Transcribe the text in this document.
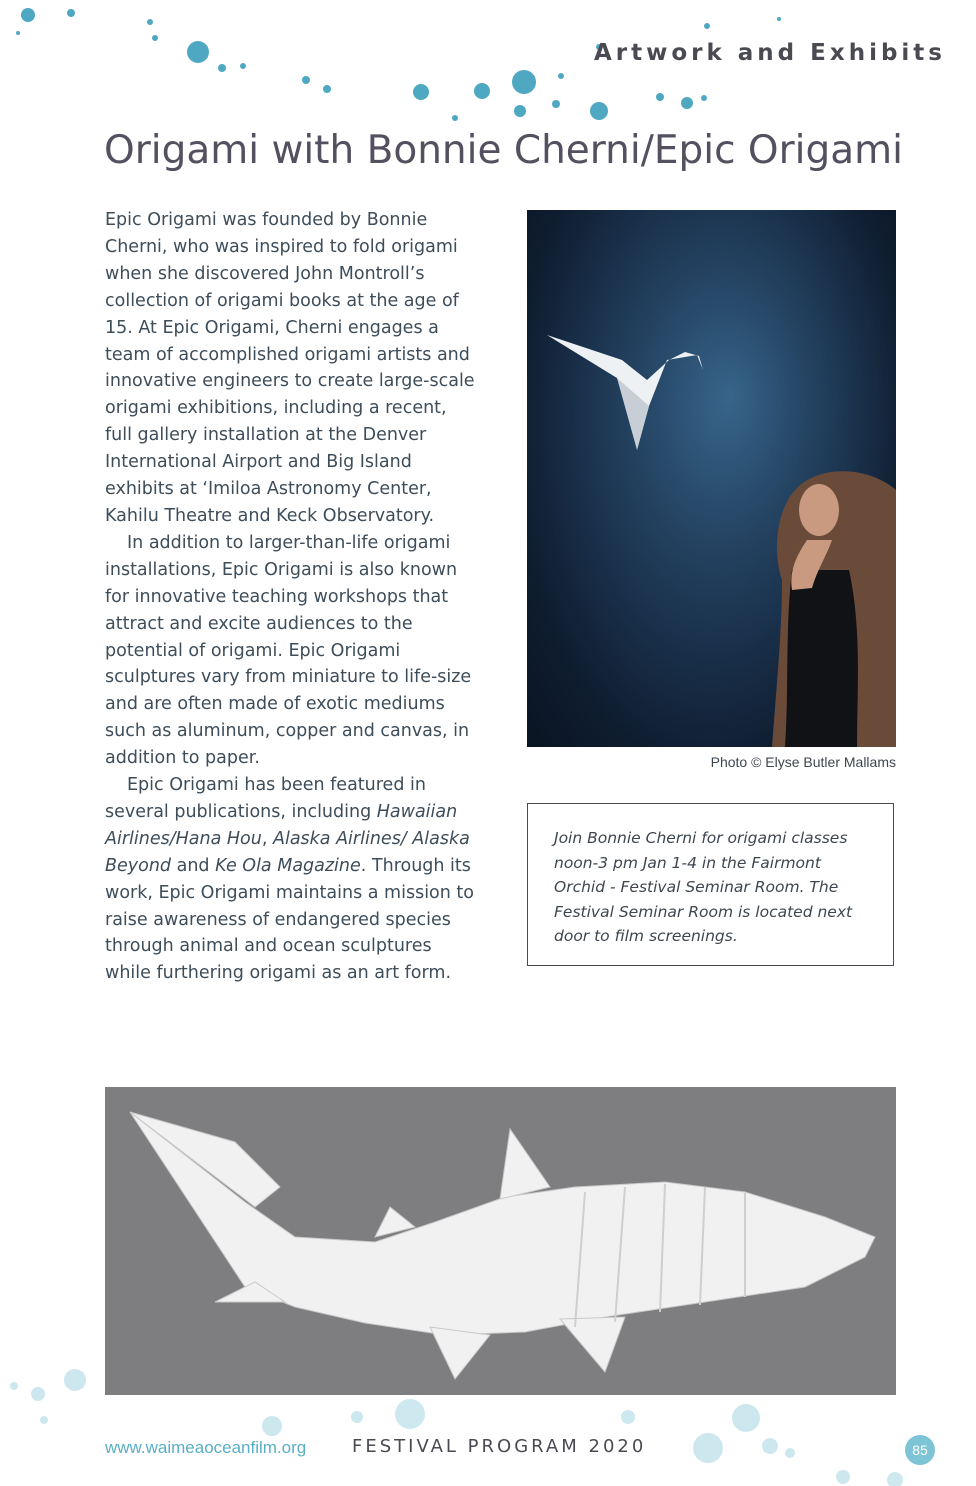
Artwork and Exhibits
Origami with Bonnie Cherni/Epic Origami

Epic Origami was founded by Bonnie Cherni, who was inspired to fold origami when she discovered John Montroll’s collection of origami books at the age of 15. At Epic Origami, Cherni engages a team of accomplished origami artists and innovative engineers to create large-scale origami exhibitions, including a recent, full gallery installation at the Denver International Airport and Big Island exhibits at ‘Imiloa Astronomy Center, Kahilu Theatre and Keck Observatory.

In addition to larger-than-life origami installations, Epic Origami is also known for innovative teaching workshops that attract and excite audiences to the potential of origami. Epic Origami sculptures vary from miniature to life-size and are often made of exotic mediums such as aluminum, copper and canvas, in addition to paper.

Epic Origami has been featured in several publications, including Hawaiian Airlines/Hana Hou, Alaska Airlines/ Alaska Beyond and Ke Ola Magazine. Through its work, Epic Origami maintains a mission to raise awareness of endangered species through animal and ocean sculptures while furthering origami as an art form.

Photo © Elyse Butler Mallams

Join Bonnie Cherni for origami classes noon-3 pm Jan 1-4 in the Fairmont Orchid - Festival Seminar Room. The Festival Seminar Room is located next door to film screenings.

www.waimeaoceanfilm.org	FESTIVAL PROGRAM 2020	85
